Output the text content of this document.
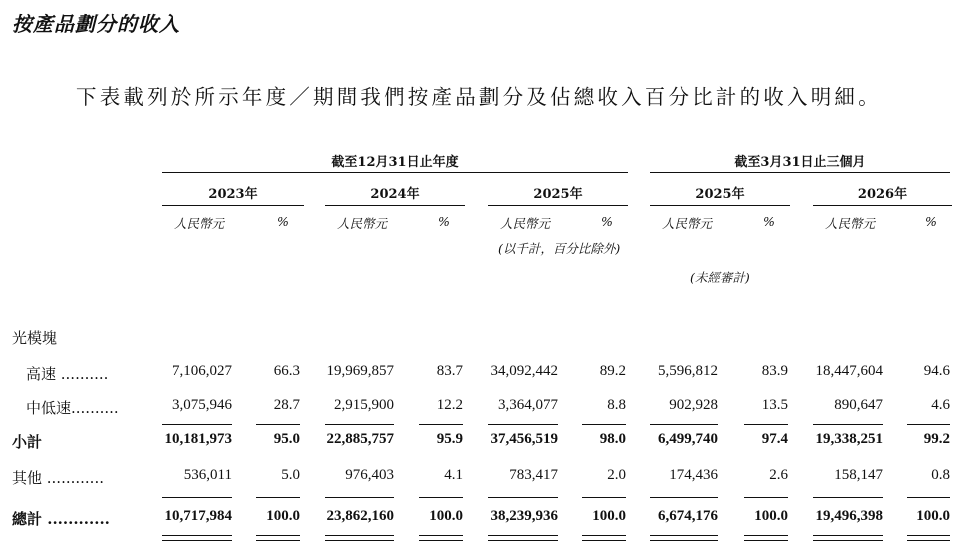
按產品劃分的收入
下表載列於所示年度／期間我們按產品劃分及佔總收入百分比計的收入明細。
截至12月31日止年度	截至3月31日止三個月
2023年
人民幣元	%
2024年
人民幣元	%
2025年
人民幣元	%
2025年
人民幣元	%
2026年
人民幣元	%
(以千計，百分比除外)
(未經審計)
光模塊
高速 ..........	7,106,027	66.3 19,969,857	83.7 34,092,442	89.2 5,596,812	83.9 18,447,604	94.6
中低速..........	3,075,946	28.7 2,915,900	12.2 3,364,077	8.8	902,928	13.5	890,647	4.6
小計	10,181,973	95.0 22,885,757	95.9 37,456,519	98.0 6,499,740	97.4 19,338,251	99.2
其他 ............	536,011	5.0	976,403	4.1	783,417	2.0	174,436	2.6	158,147	0.8
總計 ............	10,717,984 100.0 23,862,160 100.0 38,239,936 100.0 6,674,176 100.0 19,496,398 100.0
